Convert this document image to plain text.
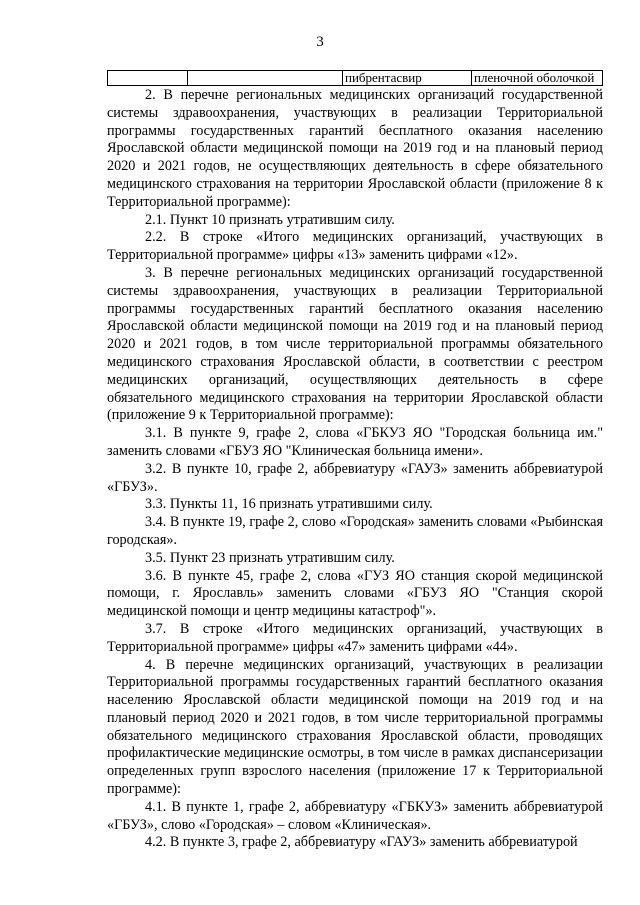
3
		пибрентасвир	пленочной оболочкой

2. В перечне региональных медицинских организаций государственной системы здравоохранения, участвующих в реализации Территориальной программы государственных гарантий бесплатного оказания населению Ярославской области медицинской помощи на 2019 год и на плановый период 2020 и 2021 годов, не осуществляющих деятельность в сфере обязательного медицинского страхования на территории Ярославской области (приложение 8 к Территориальной программе):

2.1. Пункт 10 признать утратившим силу.

2.2. В строке «Итого медицинских организаций, участвующих в Территориальной программе» цифры «13» заменить цифрами «12».

3. В перечне региональных медицинских организаций государственной системы здравоохранения, участвующих в реализации Территориальной программы государственных гарантий бесплатного оказания населению Ярославской области медицинской помощи на 2019 год и на плановый период 2020 и 2021 годов, в том числе территориальной программы обязательного медицинского страхования Ярославской области, в соответствии с реестром медицинских организаций, осуществляющих деятельность в сфере обязательного медицинского страхования на территории Ярославской области (приложение 9 к Территориальной программе):

3.1. В пункте 9, графе 2, слова «ГБКУЗ ЯО "Городская больница им." заменить словами «ГБУЗ ЯО "Клиническая больница имени».

3.2. В пункте 10, графе 2, аббревиатуру «ГАУЗ» заменить аббревиатурой «ГБУЗ».

3.3. Пункты 11, 16 признать утратившими силу.

3.4. В пункте 19, графе 2, слово «Городская» заменить словами «Рыбинская городская».

3.5. Пункт 23 признать утратившим силу.

3.6. В пункте 45, графе 2, слова «ГУЗ ЯО станция скорой медицинской помощи, г. Ярославль» заменить словами «ГБУЗ ЯО "Станция скорой медицинской помощи и центр медицины катастроф"».

3.7. В строке «Итого медицинских организаций, участвующих в Территориальной программе» цифры «47» заменить цифрами «44».

4. В перечне медицинских организаций, участвующих в реализации Территориальной программы государственных гарантий бесплатного оказания населению Ярославской области медицинской помощи на 2019 год и на плановый период 2020 и 2021 годов, в том числе территориальной программы обязательного медицинского страхования Ярославской области, проводящих профилактические медицинские осмотры, в том числе в рамках диспансеризации определенных групп взрослого населения (приложение 17 к Территориальной программе):

4.1. В пункте 1, графе 2, аббревиатуру «ГБКУЗ» заменить аббревиатурой «ГБУЗ», слово «Городская» – словом «Клиническая».

4.2. В пункте 3, графе 2, аббревиатуру «ГАУЗ» заменить аббревиатурой
